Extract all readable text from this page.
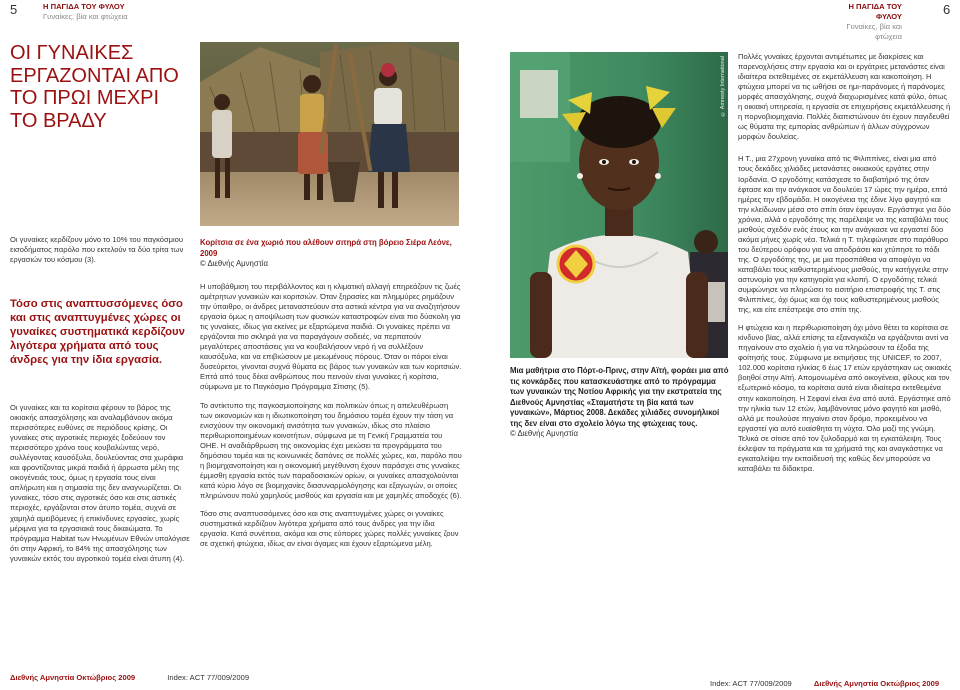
5	Η ΠΑΓΙΔΑ ΤΟΥ ΦΥΛΟΥ
Γυναίκες, βία και φτώχεια
ΟΙ ΓΥΝΑΙΚΕΣ ΕΡΓΑΖΟΝΤΑΙ ΑΠΟ ΤΟ ΠΡΩΙ ΜΕΧΡΙ ΤΟ ΒΡΑΔΥ
Οι γυναίκες κερδίζουν μόνο το 10% του παγκόσμιου εισοδήματος παρόλο που εκτελούν τα δύο τρίτα των εργασιών του κόσμου (3).
Τόσο στις αναπτυσσόμενες όσο και στις αναπτυγμένες χώρες οι γυναίκες συστηματικά κερδίζουν λιγότερα χρήματα από τους άνδρες για την ίδια εργασία.
Οι γυναίκες και τα κορίτσια φέρουν το βάρος της οικιακής απασχόλησης και αναλαμβάνουν ακόμα περισσότερες ευθύνες σε περιόδους κρίσης. Οι γυναίκες στις αγροτικές περιοχές ξοδεύουν τον περισσότερο χρόνο τους κουβαλώντας νερό, συλλέγοντας καυσόξυλα, δουλεύοντας στα χωράφια και φροντίζοντας μικρά παιδιά ή άρρωστα μέλη της οικογένειάς τους, όμως η εργασία τους είναι απλήρωτη και η σημασία της δεν αναγνωρίζεται. Οι γυναίκες, τόσο στις αγροτικές όσο και στις αστικές περιοχές, εργάζονται στον άτυπο τομέα, συχνά σε χαμηλά αμειβόμενες ή επικίνδυνες εργασίες, χωρίς μέριμνα για τα εργασιακά τους δικαιώματα. Το πρόγραμμα Habitat των Ηνωμένων Εθνών υπολόγισε ότι στην Αφρική, το 84% της απασχόλησης των γυναικών εκτός του αγροτικού τομέα είναι άτυπη (4).
Κορίτσια σε ένα χωριό που αλέθουν σιτηρά στη βόρειο Σιέρα Λεόνε, 2009
© Διεθνής Αμνηστία
Η υποβάθμιση του περιβάλλοντος και η κλιματική αλλαγή επηρεάζουν τις ζωές αμέτρητων γυναικών και κοριτσιών. Όταν ξηρασίες και πλημμύρες ρημάζουν την ύπαιθρο, οι άνδρες μεταναστεύουν στα αστικά κέντρα για να αναζητήσουν εργασία όμως η αποψίλωση των φυσικών καταστροφών είναι πιο δύσκολη για τις γυναίκες, ιδίως για εκείνες με εξαρτώμενα παιδιά. Οι γυναίκες πρέπει να εργάζονται πιο σκληρά για να παραγάγουν σοδειές, να περπατούν μεγαλύτερες αποστάσεις για να κουβαλήσουν νερό ή να συλλέξουν καυσόξυλα, και να επιβιώσουν με μειωμένους πόρους. Όταν οι πόροι είναι δυσεύρετοι, γίνονται συχνά θύματα εις βάρος των γυναικών και των κοριτσιών. Επτά από τους δέκα ανθρώπους που πεινούν είναι γυναίκες ή κορίτσια, σύμφωνα με το Παγκόσμιο Πρόγραμμα Σίτισης (5).
Το αντίκτυπο της παγκοσμιοποίησης και πολιτικών όπως η απελευθέρωση των οικονομιών και η ιδιωτικοποίηση του δημόσιου τομέα έχουν την τάση να ενισχύουν την οικονομική ανισότητα των γυναικών, ιδίως στο πλαίσιο περιθωριοποιημένων κοινοτήτων, σύμφωνα με τη Γενική Γραμματεία του ΟΗΕ. Η αναδιάρθρωση της οικονομίας έχει μειώσει τα προγράμματα του δημόσιου τομέα και τις κοινωνικές δαπάνες σε πολλές χώρες, και, παρόλο που η βιομηχανοποίηση και η οικονομική μεγέθυνση έχουν παράσχει στις γυναίκες έμμισθη εργασία εκτός των παραδοσιακών ορίων, οι γυναίκες απασχολούνται κατά κύριο λόγο σε βιομηχανίες διασυναρμολόγησης και εξαγωγών, οι οποίες πληρώνουν πολύ χαμηλούς μισθούς και εργασία και με χαμηλές αποδοχές (6).
Τόσο στις αναπτυσσόμενες όσο και στις αναπτυγμένες χώρες οι γυναίκες συστηματικά κερδίζουν λιγότερα χρήματα από τους άνδρες για την ίδια εργασία. Κατά συνέπεια, ακόμα και στις εύπορες χώρες πολλές γυναίκες ζουν σε σχετική φτώχεια, ιδίως αν είναι άγαμες και έχουν εξαρτώμενα μέλη.
Διεθνής Αμνηστία Οκτώβριος 2009	Index: ACT 77/009/2009
Η ΠΑΓΙΔΑ ΤΟΥ ΦΥΛΟΥ
Γυναίκες, βία και φτώχεια
6
© Amnesty International
Μια μαθήτρια στο Πόρτ-ο-Πρινς, στην Αϊτή, φοράει μια από τις κονκάρδες που κατασκευάστηκε από το πρόγραμμα των γυναικών της Νοτίου Αφρικής για την εκστρατεία της Διεθνούς Αμνηστίας «Σταματήστε τη βία κατά των γυναικών», Μάρτιος 2008. Δεκάδες χιλιάδες συνομήλικοί της δεν είναι στο σχολείο λόγω της φτώχειας τους.
© Διεθνής Αμνηστία
Πολλές γυναίκες έρχονται αντιμέτωπες με διακρίσεις και παρενοχλήσεις στην εργασία και οι εργάτριες μετανάστες είναι ιδιαίτερα εκτεθειμένες σε εκμετάλλευση και κακοποίηση. Η φτώχεια μπορεί να τις ωθήσει σε ημι-παράνομες ή παράνομες μορφές απασχόλησης, συχνά διαχωρισμένες κατά φύλο, όπως η οικιακή υπηρεσία, η εργασία σε επιχειρήσεις εκμετάλλευσης ή η πορνοβιομηχανία. Πολλές διαπιστώνουν ότι έχουν παγιδευθεί ως θύματα της εμπορίας ανθρώπων ή άλλων σύγχρονων μορφών δουλείας.
Η Τ., μια 27χρονη γυναίκα από τις Φιλιππίνες, είναι μια από τους δεκάδες χιλιάδες μετανάστες οικιακούς εργάτες στην Ιορδανία. Ο εργοδότης κατάσχεσε το διαβατήριό της όταν έφτασε και την ανάγκασε να δουλεύει 17 ώρες την ημέρα, επτά ημέρες την εβδομάδα. Η οικογένεια της έδινε λίγο φαγητό και την κλείδωναν μέσα στο σπίτι όταν έφευγαν. Εργάστηκε για δύο χρόνια, αλλά ο εργοδότης της παρέλειψε να της καταβάλει τους μισθούς σχεδόν ενός έτους και την ανάγκασε να εργαστεί δύο ακόμα μήνες χωρίς νέα. Τελικά η Τ. τηλεφώνησε στο παράθυρο του δεύτερου ορόφου για να αποδράσει και χτύπησε το πόδι της. Ο εργοδότης της, με μια προσπάθεια να αποφύγει να καταβάλει τους καθυστερημένους μισθούς, την κατήγγειλε στην αστυνομία για την κατηγορία για κλοπή. Ο εργοδότης τελικά συμφώνησε να πληρώσει το εισιτήριο επιστροφής της Τ. στις Φιλιππίνες, όχι όμως και όχι τους καθυστερημένους μισθούς της, και είτε επέστρεψε στο σπίτι της.
Η φτώχεια και η περιθωριοποίηση όχι μόνο θέτει τα κορίτσια σε κίνδυνο βίας, αλλά επίσης τα εξαναγκάζει να εργάζονται αντί να πηγαίνουν στο σχολείο ή για να πληρώσουν τα έξοδα της φοίτησής τους. Σύμφωνα με εκτιμήσεις της UNICEF, το 2007, 102.000 κορίτσια ηλικίας 6 έως 17 ετών εργάστηκαν ως οικιακές βοηθοί στην Αϊτή. Απομονωμένα από οικογένεια, φίλους και τον εξωτερικό κόσμο, τα κορίτσια αυτά είναι ιδιαίτερα εκτεθειμένα στην κακοποίηση. Η Σεφανί είναι ένα από αυτά. Εργάστηκε από την ηλικία των 12 ετών, λαμβάνοντας μόνο φαγητό και μισθό, αλλά με πουλούσε πηγαίνει στον δρόμο, προκειμένου να εργαστεί για αυτό ευαίσθητα τη νύχτα. Όλο μαζί της γνώμη. Τελικά σε σίτισε από τον ξυλοδαρμό και τη εγκατάλειψη. Τους έκλεψαν τα πράγματα και τα χρήματά της και αναγκάστηκε να εγκαταλείψει την εκπαίδευσή της καθώς δεν μπορούσε να καταβάλει τα δίδακτρα.
Index: ACT 77/009/2009	Διεθνής Αμνηστία Οκτώβριος 2009
